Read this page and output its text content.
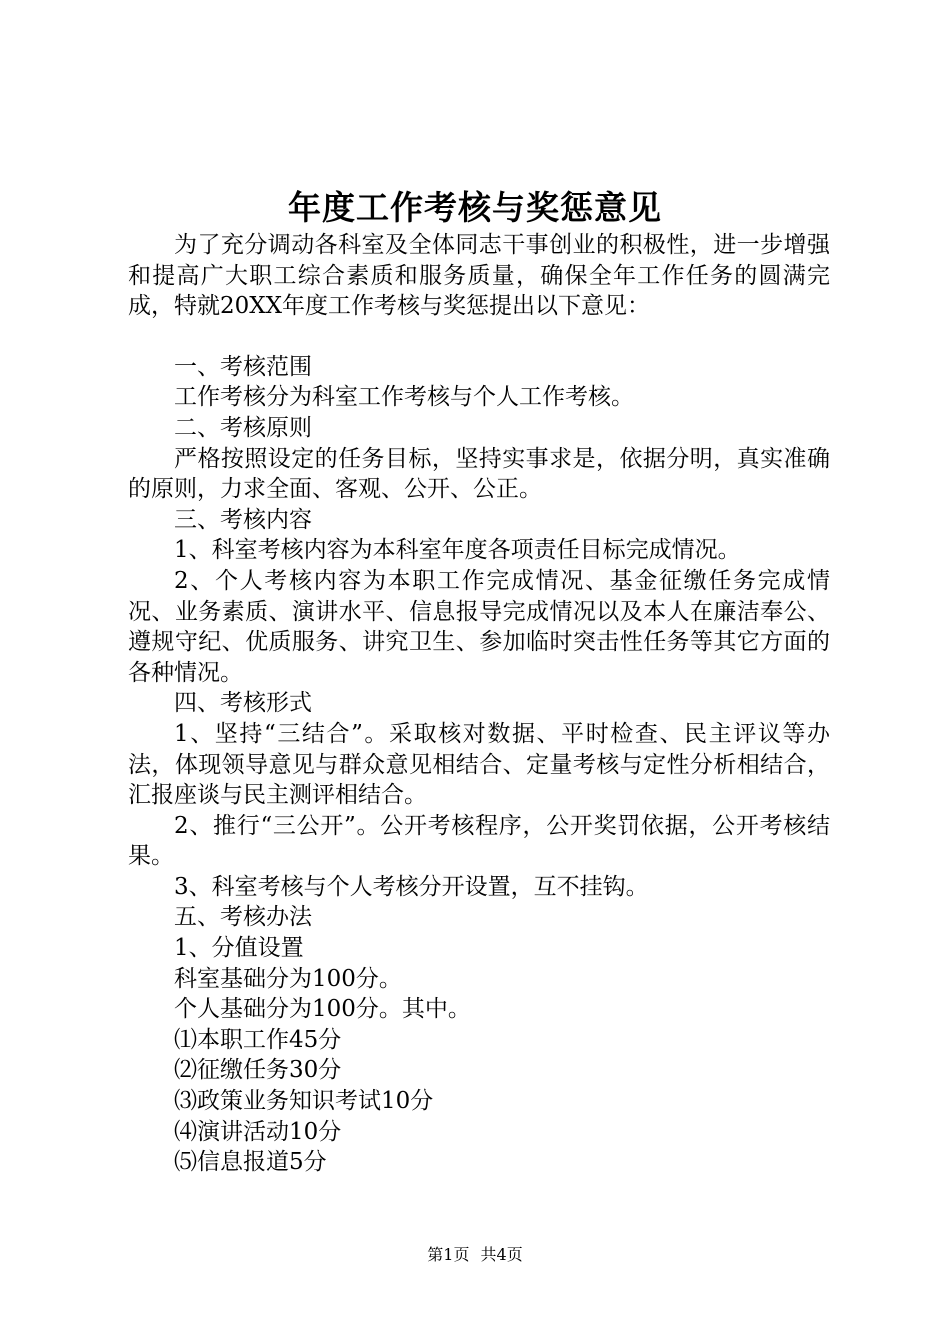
年度工作考核与奖惩意见

为了充分调动各科室及全体同志干事创业的积极性，进一步增强和提高广大职工综合素质和服务质量，确保全年工作任务的圆满完成，特就20XX年度工作考核与奖惩提出以下意见：

一、考核范围

工作考核分为科室工作考核与个人工作考核。

二、考核原则

严格按照设定的任务目标，坚持实事求是，依据分明，真实准确的原则，力求全面、客观、公开、公正。

三、考核内容

1、科室考核内容为本科室年度各项责任目标完成情况。

2、个人考核内容为本职工作完成情况、基金征缴任务完成情况、业务素质、演讲水平、信息报导完成情况以及本人在廉洁奉公、遵规守纪、优质服务、讲究卫生、参加临时突击性任务等其它方面的各种情况。

四、考核形式

1、坚持“三结合”。采取核对数据、平时检查、民主评议等办法，体现领导意见与群众意见相结合、定量考核与定性分析相结合，汇报座谈与民主测评相结合。

2、推行“三公开”。公开考核程序，公开奖罚依据，公开考核结果。

3、科室考核与个人考核分开设置，互不挂钩。

五、考核办法

1、分值设置

科室基础分为100分。

个人基础分为100分。其中。

⑴本职工作45分

⑵征缴任务30分

⑶政策业务知识考试10分

⑷演讲活动10分

⑸信息报道5分

第1页 共4页
